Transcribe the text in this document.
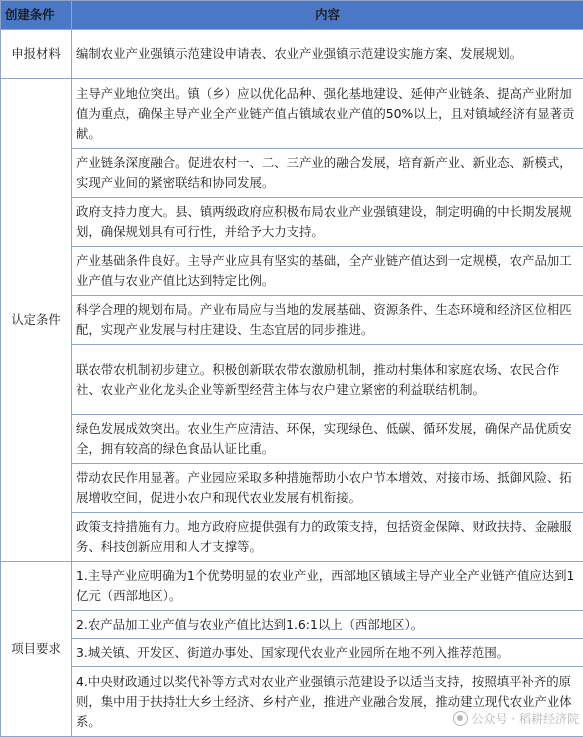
创建条件	内容
申报材料	编制农业产业强镇示范建设申请表、农业产业强镇示范建设实施方案、发展规划。
认定条件	主导产业地位突出。镇（乡）应以优化品种、强化基地建设、延伸产业链条、提高产业附加值为重点，确保主导产业全产业链产值占镇域农业产值的50%以上，且对镇域经济有显著贡献。
	产业链条深度融合。促进农村一、二、三产业的融合发展，培育新产业、新业态、新模式，实现产业间的紧密联结和协同发展。
	政府支持力度大。县、镇两级政府应积极布局农业产业强镇建设，制定明确的中长期发展规划，确保规划具有可行性，并给予大力支持。
	产业基础条件良好。主导产业应具有坚实的基础，全产业链产值达到一定规模，农产品加工业产值与农业产值比达到特定比例。
	科学合理的规划布局。产业布局应与当地的发展基础、资源条件、生态环境和经济区位相匹配，实现产业发展与村庄建设、生态宜居的同步推进。
	联农带农机制初步建立。积极创新联农带农激励机制，推动村集体和家庭农场、农民合作社、农业产业化龙头企业等新型经营主体与农户建立紧密的利益联结机制。
	绿色发展成效突出。农业生产应清洁、环保，实现绿色、低碳、循环发展，确保产品优质安全，拥有较高的绿色食品认证比重。
	带动农民作用显著。产业园应采取多种措施帮助小农户节本增效、对接市场、抵御风险、拓展增收空间，促进小农户和现代农业发展有机衔接。
	政策支持措施有力。地方政府应提供强有力的政策支持，包括资金保障、财政扶持、金融服务、科技创新应用和人才支撑等。
项目要求	1.主导产业应明确为1个优势明显的农业产业，西部地区镇域主导产业全产业链产值应达到1亿元（西部地区）。
	2.农产品加工业产值与农业产值比达到1.6:1以上（西部地区）。
	3.城关镇、开发区、街道办事处、国家现代农业产业园所在地不列入推荐范围。
	4.中央财政通过以奖代补等方式对农业产业强镇示范建设予以适当支持，按照填平补齐的原则，集中用于扶持壮大乡土经济、乡村产业，推进产业融合发展，推动建立现代农业产业体系。	公众号 · 稻耕经济院
